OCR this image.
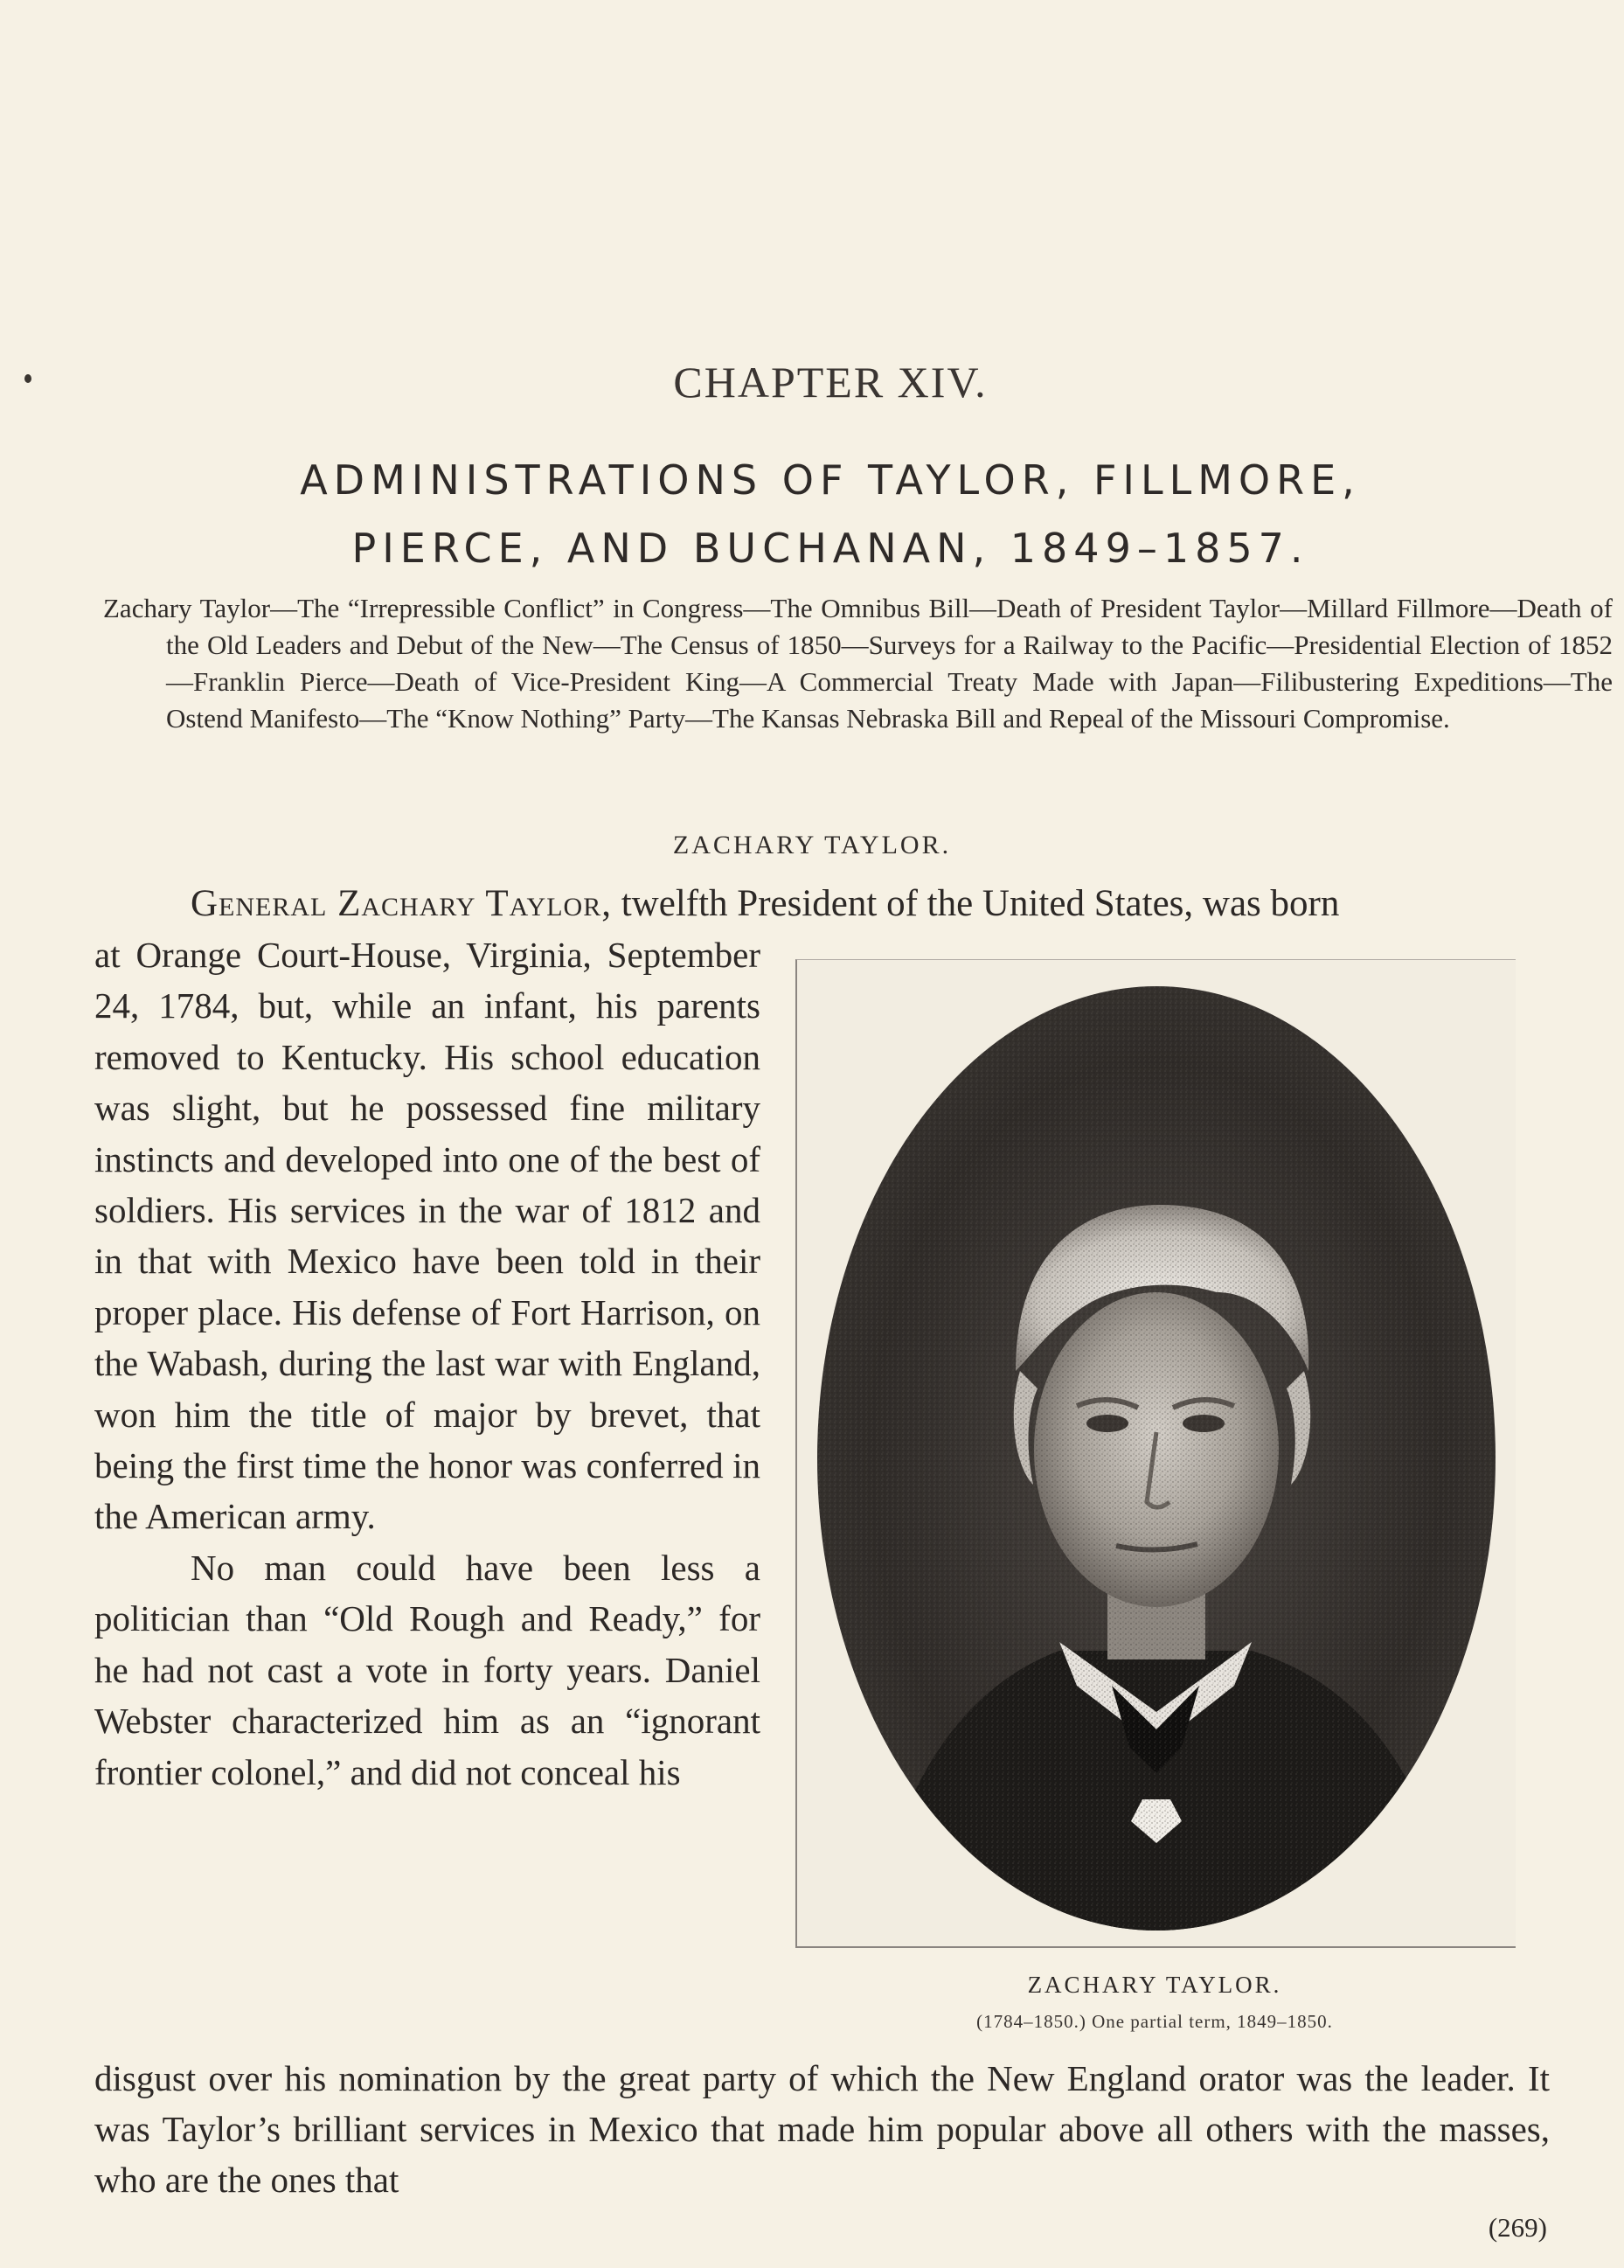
CHAPTER XIV.
ADMINISTRATIONS OF TAYLOR, FILLMORE,
PIERCE, AND BUCHANAN, 1849–1857.
Zachary Taylor—The “Irrepressible Conflict” in Congress—The Omnibus Bill—Death of President Taylor—Millard Fillmore—Death of the Old Leaders and Debut of the New—The Census of 1850—Surveys for a Railway to the Pacific—Presidential Election of 1852—Franklin Pierce—Death of Vice-President King—A Commercial Treaty Made with Japan—Filibustering Expeditions—The Ostend Manifesto—The “Know Nothing” Party—The Kansas Nebraska Bill and Repeal of the Missouri Compromise.
ZACHARY TAYLOR.
General Zachary Taylor, twelfth President of the United States, was born

at Orange Court-House, Virginia, September 24, 1784, but, while an infant, his parents removed to Kentucky. His school education was slight, but he possessed fine military instincts and developed into one of the best of soldiers. His services in the war of 1812 and in that with Mexico have been told in their proper place. His defense of Fort Harrison, on the Wabash, during the last war with England, won him the title of major by brevet, that being the first time the honor was conferred in the American army.

No man could have been less a politician than “Old Rough and Ready,” for he had not cast a vote in forty years. Daniel Webster characterized him as an “ignorant frontier colonel,” and did not conceal his

ZACHARY TAYLOR.
(1784–1850.) One partial term, 1849–1850.
disgust over his nomination by the great party of which the New England orator was the leader. It was Taylor’s brilliant services in Mexico that made him popular above all others with the masses, who are the ones that
(269)
